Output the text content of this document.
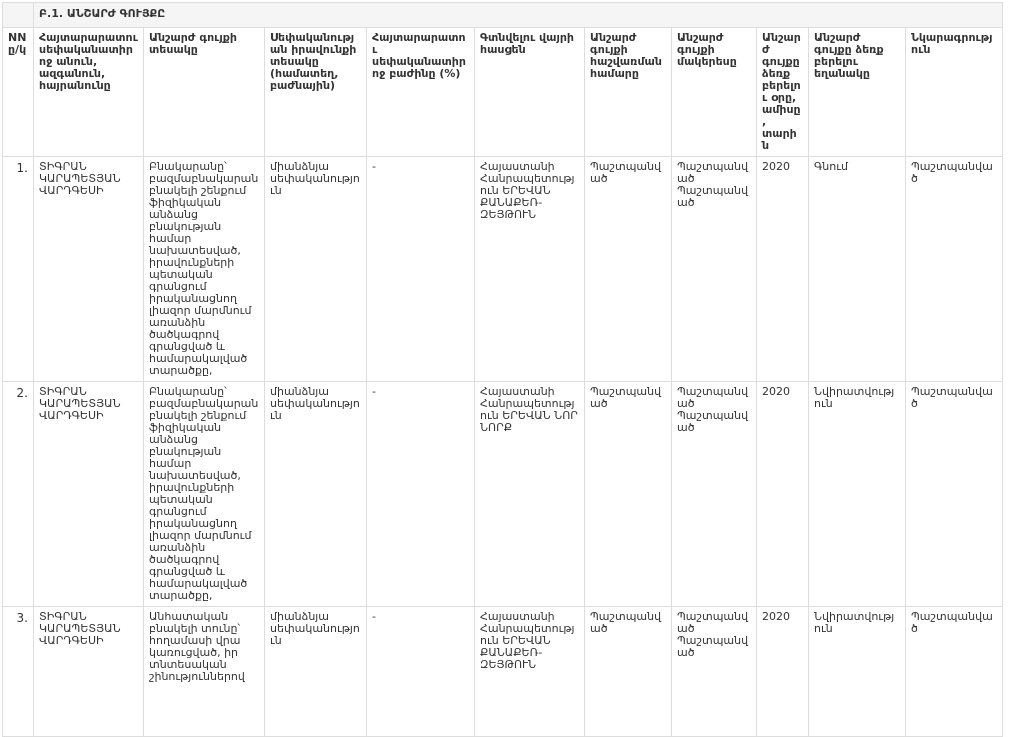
	Բ.1. ԱՆՇԱՐԺ ԳՈՒՅՔԸ									
NN ը/կ	Հայտարարատու սեփականատիրոջ անուն, ազգանուն, հայրանունը	Անշարժ գույքի տեսակը	Սեփականության իրավունքի տեսակը (համատեղ, բաժնային)	Հայտարարատու սեփականատիրոջ բաժինը (%)	Գտնվելու վայրի հասցեն	Անշարժ գույքի հաշվառման համարը	Անշարժ գույքի մակերեսը	Անշարժ գույքը ձեռք բերելու օրը, ամիսը, տարին	Անշարժ գույքը ձեռք բերելու եղանակը	Նկարագրություն
1.	ՏԻԳՐԱՆ ԿԱՐԱՊԵՏՅԱՆ ՎԱՐԴԳԵՍԻ	Բնակարանը՝ բազմաբնակարան բնակելի շենքում ֆիզիկական անձանց բնակության համար նախատեսված, իրավունքների պետական գրանցում իրականացնող լիազոր մարմնում առանձին ծածկագրով գրանցված և համարակալված տարածքը,	միանձնյա սեփականություն	-	Հայաստանի Հանրապետություն ԵՐԵՎԱՆ ՔԱՆԱՔԵՌ-ԶԵՅԹՈՒՆ	Պաշտպանված	Պաշտպանված Պաշտպանված	2020	Գնում	Պաշտպանված
2.	ՏԻԳՐԱՆ ԿԱՐԱՊԵՏՅԱՆ ՎԱՐԴԳԵՍԻ	Բնակարանը՝ բազմաբնակարան բնակելի շենքում ֆիզիկական անձանց բնակության համար նախատեսված, իրավունքների պետական գրանցում իրականացնող լիազոր մարմնում առանձին ծածկագրով գրանցված և համարակալված տարածքը,	միանձնյա սեփականություն	-	Հայաստանի Հանրապետություն ԵՐԵՎԱՆ ՆՈՐ ՆՈՐՔ	Պաշտպանված	Պաշտպանված Պաշտպանված	2020	Նվիրատվություն	Պաշտպանված
3.	ՏԻԳՐԱՆ ԿԱՐԱՊԵՏՅԱՆ ՎԱՐԴԳԵՍԻ	Անհատական բնակելի տունը՝ հողամասի վրա կառուցված, իր տնտեսական շինություններով	միանձնյա սեփականություն	-	Հայաստանի Հանրապետություն ԵՐԵՎԱՆ ՔԱՆԱՔԵՌ-ԶԵՅԹՈՒՆ	Պաշտպանված	Պաշտպանված Պաշտպանված	2020	Նվիրատվություն	Պաշտպանված
